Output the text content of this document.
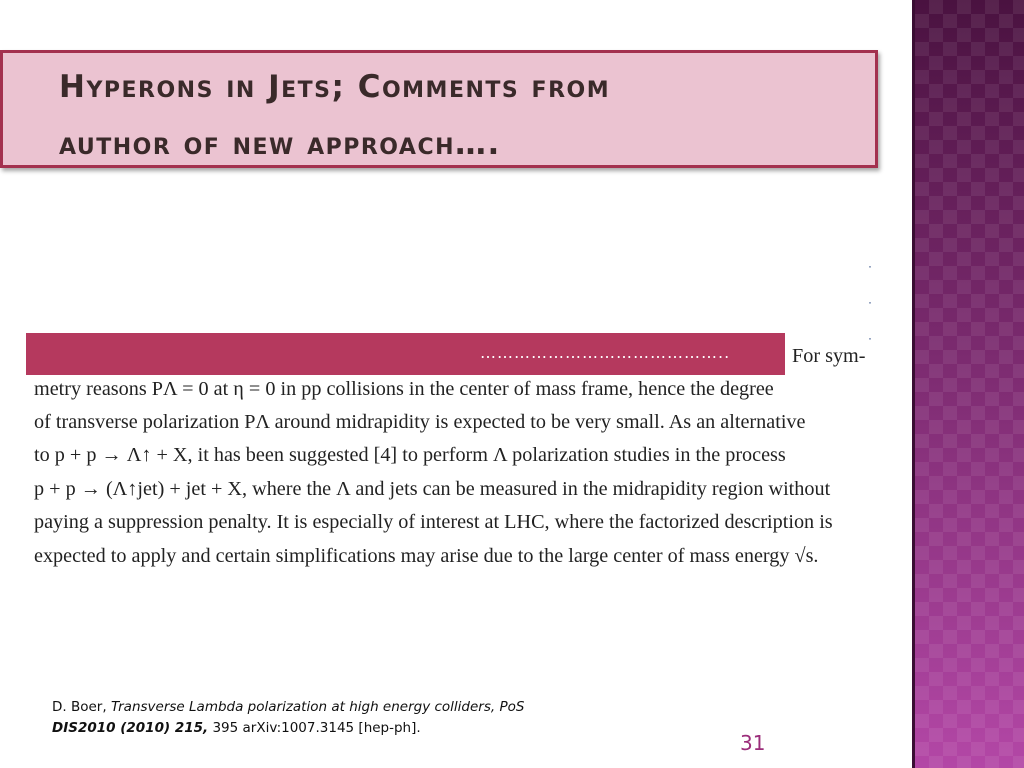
Hyperons in Jets; Comments from
author of new approach….
·
·
·
……………………………………..	For sym-
metry reasons PΛ = 0 at η = 0 in pp collisions in the center of mass frame, hence the degree
of transverse polarization PΛ around midrapidity is expected to be very small. As an alternative
to p + p → Λ↑ + X, it has been suggested [4] to perform Λ polarization studies in the process
p + p → (Λ↑jet) + jet + X, where the Λ and jets can be measured in the midrapidity region without
paying a suppression penalty. It is especially of interest at LHC, where the factorized description is
expected to apply and certain simplifications may arise due to the large center of mass energy √s.
D. Boer, Transverse Lambda polarization at high energy colliders, PoS
DIS2010 (2010) 215, 395 arXiv:1007.3145 [hep-ph].
31
